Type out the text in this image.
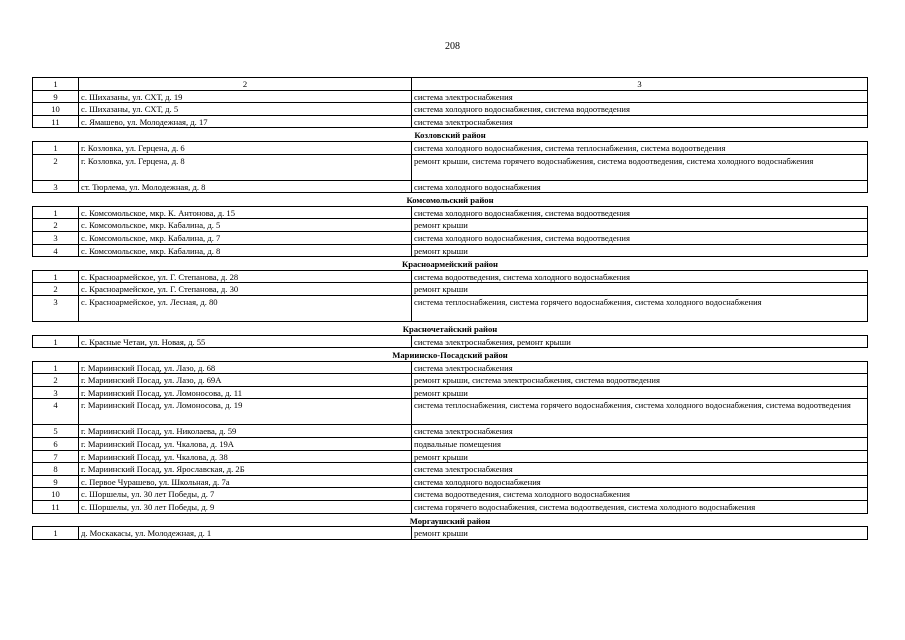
208
1	2	3
9	с. Шихазаны, ул. СХТ, д. 19	система электроснабжения
10	с. Шихазаны, ул. СХТ, д. 5	система холодного водоснабжения, система водоотведения
11	с. Ямашево, ул. Молодежная, д. 17	система электроснабжения
Козловский район		
1	г. Козловка, ул. Герцена, д. 6	система холодного водоснабжения, система теплоснабжения, система водоотведения
2	г. Козловка, ул. Герцена, д. 8	ремонт крыши, система горячего водоснабжения, система водоотведения, система холодного водоснабжения
3	ст. Тюрлема, ул. Молодежная, д. 8	система холодного водоснабжения
Комсомольский район		
1	с. Комсомольское, мкр. К. Антонова, д. 15	система холодного водоснабжения, система водоотведения
2	с. Комсомольское, мкр. Кабалина, д. 5	ремонт крыши
3	с. Комсомольское, мкр. Кабалина, д. 7	система холодного водоснабжения, система водоотведения
4	с. Комсомольское, мкр. Кабалина, д. 8	ремонт крыши
Красноармейский район		
1	с. Красноармейское, ул. Г. Степанова, д. 28	система водоотведения, система холодного водоснабжения
2	с. Красноармейское, ул. Г. Степанова, д. 30	ремонт крыши
3	с. Красноармейское, ул. Лесная, д. 80	система теплоснабжения, система горячего водоснабжения, система холодного водоснабжения
Красночетайский район		
1	с. Красные Четаи, ул. Новая, д. 55	система электроснабжения, ремонт крыши
Мариинско-Посадский район		
1	г. Мариинский Посад, ул. Лазо, д. 68	система электроснабжения
2	г. Мариинский Посад, ул. Лазо, д. 69А	ремонт крыши, система электроснабжения, система водоотведения
3	г. Мариинский Посад, ул. Ломоносова, д. 11	ремонт крыши
4	г. Мариинский Посад, ул. Ломоносова, д. 19	система теплоснабжения, система горячего водоснабжения, система холодного водоснабжения, система водоотведения
5	г. Мариинский Посад, ул. Николаева, д. 59	система электроснабжения
6	г. Мариинский Посад, ул. Чкалова, д. 19А	подвальные помещения
7	г. Мариинский Посад, ул. Чкалова, д. 38	ремонт крыши
8	г. Мариинский Посад, ул. Ярославская, д. 2Б	система электроснабжения
9	с. Первое Чурашево, ул. Школьная, д. 7а	система холодного водоснабжения
10	с. Шоршелы, ул. 30 лет Победы, д. 7	система водоотведения, система холодного водоснабжения
11	с. Шоршелы, ул. 30 лет Победы, д. 9	система горячего водоснабжения, система водоотведения, система холодного водоснабжения
Моргаушский район		
1	д. Москакасы, ул. Молодежная, д. 1	ремонт крыши
